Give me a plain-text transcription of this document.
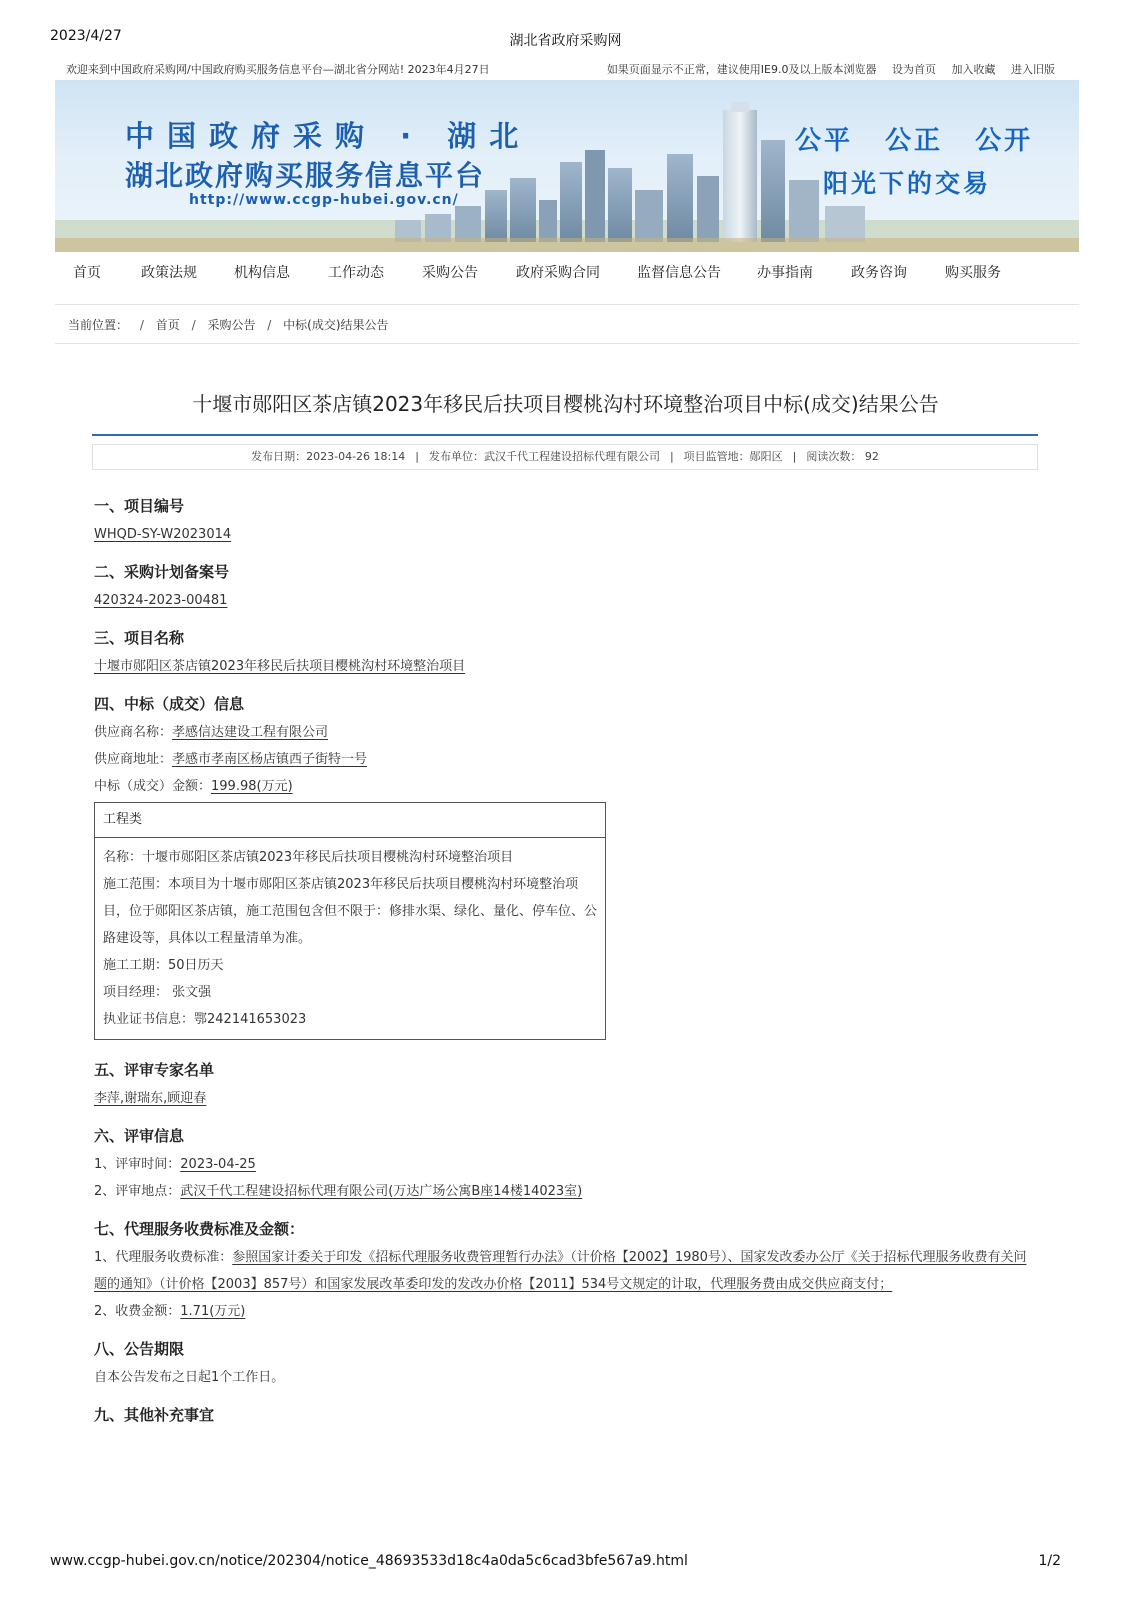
2023/4/27	湖北省政府采购网
欢迎来到中国政府采购网/中国政府购买服务信息平台—湖北省分网站! 2023年4月27日	如果页面显示不正常，建议使用IE9.0及以上版本浏览器 设为首页 加入收藏 进入旧版
中国政府采购 · 湖北
湖北政府购买服务信息平台
http://www.ccgp-hubei.gov.cn/
公平 公正 公开
阳光下的交易
首页	政策法规	机构信息	工作动态	采购公告	政府采购合同	监督信息公告	办事指南	政务咨询	购买服务
当前位置： / 首页 / 采购公告 / 中标(成交)结果公告
十堰市郧阳区茶店镇2023年移民后扶项目樱桃沟村环境整治项目中标(成交)结果公告
发布日期：2023-04-26 18:14 | 发布单位：武汉千代工程建设招标代理有限公司 | 项目监管地：郧阳区 | 阅读次数： 92

一、项目编号

WHQD-SY-W2023014

二、采购计划备案号

420324-2023-00481

三、项目名称

十堰市郧阳区茶店镇2023年移民后扶项目樱桃沟村环境整治项目

四、中标（成交）信息

供应商名称：孝感信达建设工程有限公司

供应商地址：孝感市孝南区杨店镇西子街特一号

中标（成交）金额：199.98(万元)

工程类
名称：十堰市郧阳区茶店镇2023年移民后扶项目樱桃沟村环境整治项目
施工范围：本项目为十堰市郧阳区茶店镇2023年移民后扶项目樱桃沟村环境整治项目，位于郧阳区茶店镇，施工范围包含但不限于：修排水渠、绿化、量化、停车位、公路建设等，具体以工程量清单为准。
施工工期：50日历天
项目经理： 张文强
执业证书信息：鄂242141653023

五、评审专家名单

李萍,谢瑞东,顾迎春

六、评审信息

1、评审时间：2023-04-25

2、评审地点：武汉千代工程建设招标代理有限公司(万达广场公寓B座14楼14023室)

七、代理服务收费标准及金额：

1、代理服务收费标准：参照国家计委关于印发《招标代理服务收费管理暂行办法》（计价格【2002】1980号）、国家发改委办公厅《关于招标代理服务收费有关问题的通知》（计价格【2003】857号）和国家发展改革委印发的发改办价格【2011】534号文规定的计取，代理服务费由成交供应商支付；

2、收费金额：1.71(万元)

八、公告期限

自本公告发布之日起1个工作日。

九、其他补充事宜

www.ccgp-hubei.gov.cn/notice/202304/notice_48693533d18c4a0da5c6cad3bfe567a9.html	1/2
